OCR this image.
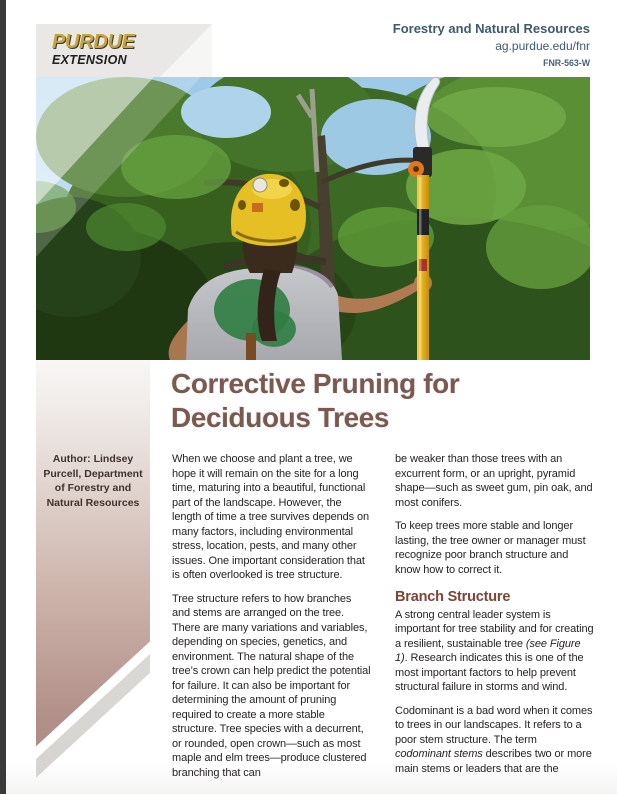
PURDUE
EXTENSION
Forestry and Natural Resources
ag.purdue.edu/fnr
FNR-563-W
Corrective Pruning for
Deciduous Trees
Author: Lindsey Purcell, Department of Forestry and Natural Resources

When we choose and plant a tree, we hope it will remain on the site for a long time, maturing into a beautiful, functional part of the landscape. However, the length of time a tree survives depends on many factors, including environmental stress, location, pests, and many other issues. One important consideration that is often overlooked is tree structure.

Tree structure refers to how branches and stems are arranged on the tree. There are many variations and variables, depending on species, genetics, and environment. The natural shape of the tree’s crown can help predict the potential for failure. It can also be important for determining the amount of pruning required to create a more stable structure. Tree species with a decurrent, or rounded, open crown—such as most maple and elm trees—produce clustered branching that can

be weaker than those trees with an excurrent form, or an upright, pyramid shape—such as sweet gum, pin oak, and most conifers.

To keep trees more stable and longer lasting, the tree owner or manager must recognize poor branch structure and know how to correct it.

Branch Structure

A strong central leader system is important for tree stability and for creating a resilient, sustainable tree (see Figure 1). Research indicates this is one of the most important factors to help prevent structural failure in storms and wind.

Codominant is a bad word when it comes to trees in our landscapes. It refers to a poor stem structure. The term codominant stems describes two or more main stems or leaders that are the
